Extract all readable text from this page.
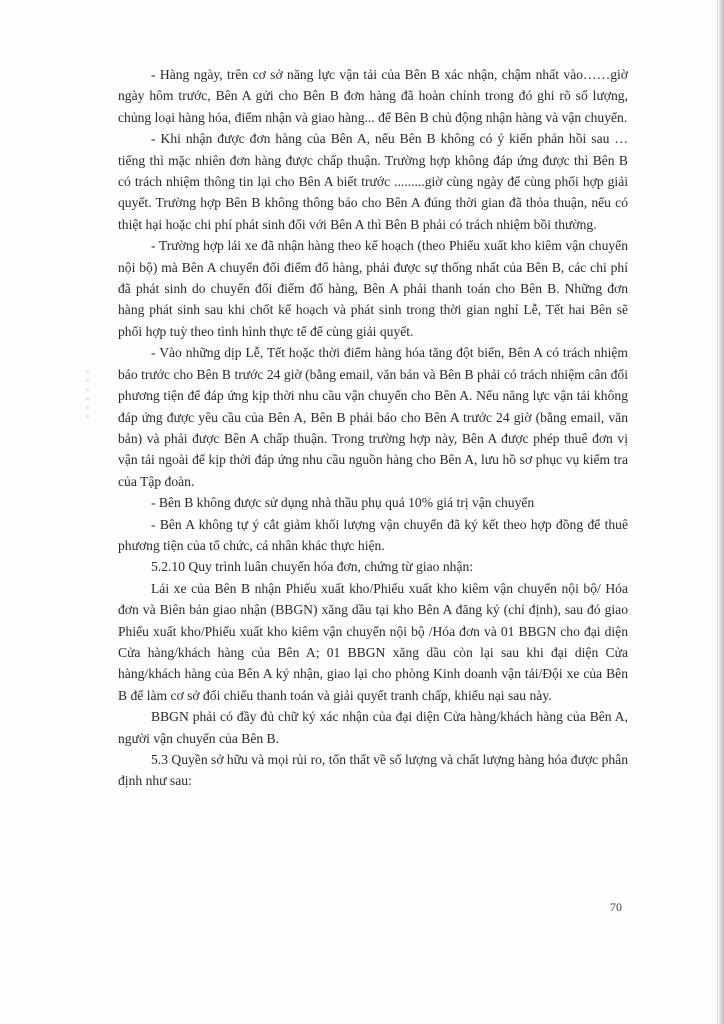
- Hàng ngày, trên cơ sở năng lực vận tải của Bên B xác nhận, chậm nhất vào……giờ ngày hôm trước, Bên A gửi cho Bên B đơn hàng đã hoàn chỉnh trong đó ghi rõ số lượng, chủng loại hàng hóa, điểm nhận và giao hàng... để Bên B chủ động nhận hàng và vận chuyển.

- Khi nhận được đơn hàng của Bên A, nếu Bên B không có ý kiến phản hồi sau … tiếng thì mặc nhiên đơn hàng được chấp thuận. Trường hợp không đáp ứng được thì Bên B có trách nhiệm thông tin lại cho Bên A biết trước .........giờ cùng ngày để cùng phối hợp giải quyết. Trường hợp Bên B không thông báo cho Bên A đúng thời gian đã thỏa thuận, nếu có thiệt hại hoặc chi phí phát sinh đối với Bên A thì Bên B phải có trách nhiệm bồi thường.

- Trường hợp lái xe đã nhận hàng theo kế hoạch (theo Phiếu xuất kho kiêm vận chuyển nội bộ) mà Bên A chuyển đổi điểm đổ hàng, phải được sự thống nhất của Bên B, các chi phí đã phát sinh do chuyển đổi điểm đổ hàng, Bên A phải thanh toán cho Bên B. Những đơn hàng phát sinh sau khi chốt kế hoạch và phát sinh trong thời gian nghỉ Lễ, Tết hai Bên sẽ phối hợp tuỳ theo tình hình thực tế để cùng giải quyết.

- Vào những dịp Lễ, Tết hoặc thời điểm hàng hóa tăng đột biến, Bên A có trách nhiệm báo trước cho Bên B trước 24 giờ (bằng email, văn bản và Bên B phải có trách nhiệm cân đối phương tiện để đáp ứng kịp thời nhu cầu vận chuyển cho Bên A. Nếu năng lực vận tải không đáp ứng được yêu cầu của Bên A, Bên B phải báo cho Bên A trước 24 giờ (bằng email, văn bản) và phải được Bên A chấp thuận. Trong trường hợp này, Bên A được phép thuê đơn vị vận tải ngoài để kịp thời đáp ứng nhu cầu nguồn hàng cho Bên A, lưu hồ sơ phục vụ kiểm tra của Tập đoàn.

- Bên B không được sử dụng nhà thầu phụ quá 10% giá trị vận chuyển

- Bên A không tự ý cắt giảm khối lượng vận chuyển đã ký kết theo hợp đồng để thuê phương tiện của tổ chức, cá nhân khác thực hiện.

5.2.10 Quy trình luân chuyển hóa đơn, chứng từ giao nhận:

Lái xe của Bên B nhận Phiếu xuất kho/Phiếu xuất kho kiêm vận chuyển nội bộ/ Hóa đơn và Biên bản giao nhận (BBGN) xăng dầu tại kho Bên A đăng ký (chỉ định), sau đó giao Phiếu xuất kho/Phiếu xuất kho kiêm vận chuyển nội bộ /Hóa đơn và 01 BBGN cho đại diện Cửa hàng/khách hàng của Bên A; 01 BBGN xăng dầu còn lại sau khi đại diện Cửa hàng/khách hàng của Bên A ký nhận, giao lại cho phòng Kinh doanh vận tải/Đội xe của Bên B để làm cơ sở đối chiếu thanh toán và giải quyết tranh chấp, khiếu nại sau này.

BBGN phải có đầy đủ chữ ký xác nhận của đại diện Cửa hàng/khách hàng của Bên A, người vận chuyển của Bên B.

5.3 Quyền sở hữu và mọi rủi ro, tổn thất về số lượng và chất lượng hàng hóa được phân định như sau:

70
